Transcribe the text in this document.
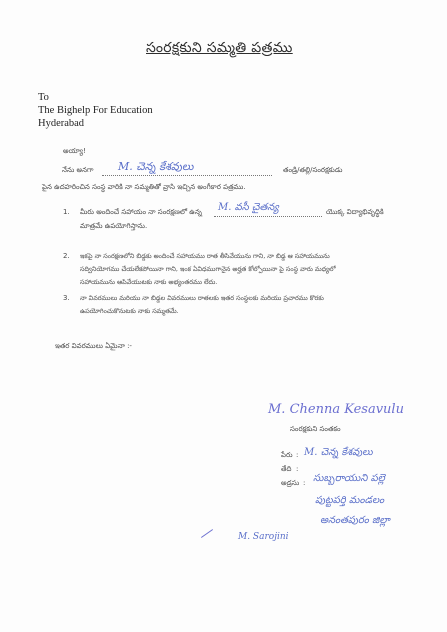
సంరక్షకుని సమ్మతి పత్రము
To
The Bighelp For Education
Hyderabad
అయ్యా!
నేను అనగా M. చెన్న కేశవులు	తండ్రి/తల్లి/సంరక్షకుడు
పైన ఉదహరించిన సంస్థ వారికి నా సమ్మతితో వ్రాసి ఇచ్చిన అంగీకార పత్రము.
1. మీరు అందించే సహాయం నా సంరక్షణలో ఉన్న M. వసీ చైతన్య	యొక్క విద్యాభివృద్ధికి
మాత్రమే ఉపయోగిస్తాను.
2. ఇకపై నా సంరక్షణలోని బిడ్డకు అందించే సహాయము రాత తీసివేయును గాని, నా బిడ్డ ఆ సహాయమును
సద్వినియోగము చేయలేకపోయినా గాని, ఇంక ఏవిధముగానైన అర్హత కోల్పోయినా పై సంస్థ వారు మధ్యలో
సహాయమును ఆపివేయుటకు నాకు అభ్యంతరము లేదు.
3. నా వివరములు మరియు నా బిడ్డల వివరములు రాతలకు ఇతర సంస్థలకు మరియు ప్రచారము కొరకు
ఉపయోగించుకొనుటకు నాకు సమ్మతమే.
ఇతర వివరములు ఏమైనా :-
M. Chenna Kesavulu
సంరక్షకుని సంతకం
పేరు : M. చెన్న కేశవులు
తేది :
అడ్రసు : సుబ్బరాయుని పల్లె
పుట్టపర్తి మండలం
అనంతపురం జిల్లా
M. Sarojini
